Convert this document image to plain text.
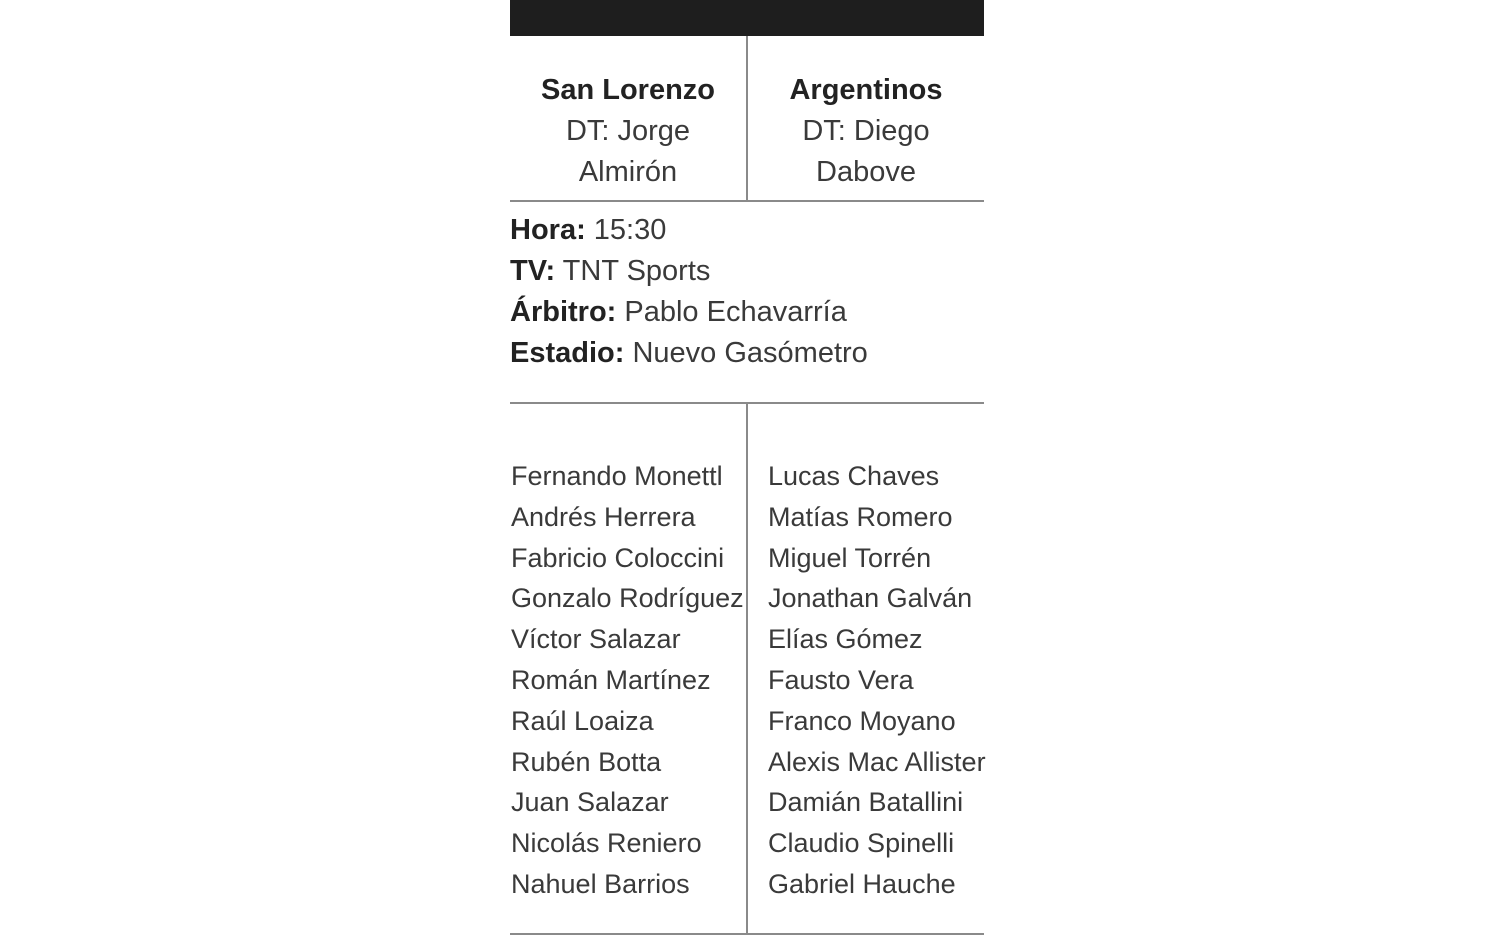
San Lorenzo
DT: Jorge
Almirón
Argentinos
DT: Diego
Dabove
Hora: 15:30
TV: TNT Sports
Árbitro: Pablo Echavarría
Estadio: Nuevo Gasómetro
Fernando Monettl
Andrés Herrera
Fabricio Coloccini
Gonzalo Rodríguez
Víctor Salazar
Román Martínez
Raúl Loaiza
Rubén Botta
Juan Salazar
Nicolás Reniero
Nahuel Barrios
Lucas Chaves
Matías Romero
Miguel Torrén
Jonathan Galván
Elías Gómez
Fausto Vera
Franco Moyano
Alexis Mac Allister
Damián Batallini
Claudio Spinelli
Gabriel Hauche
